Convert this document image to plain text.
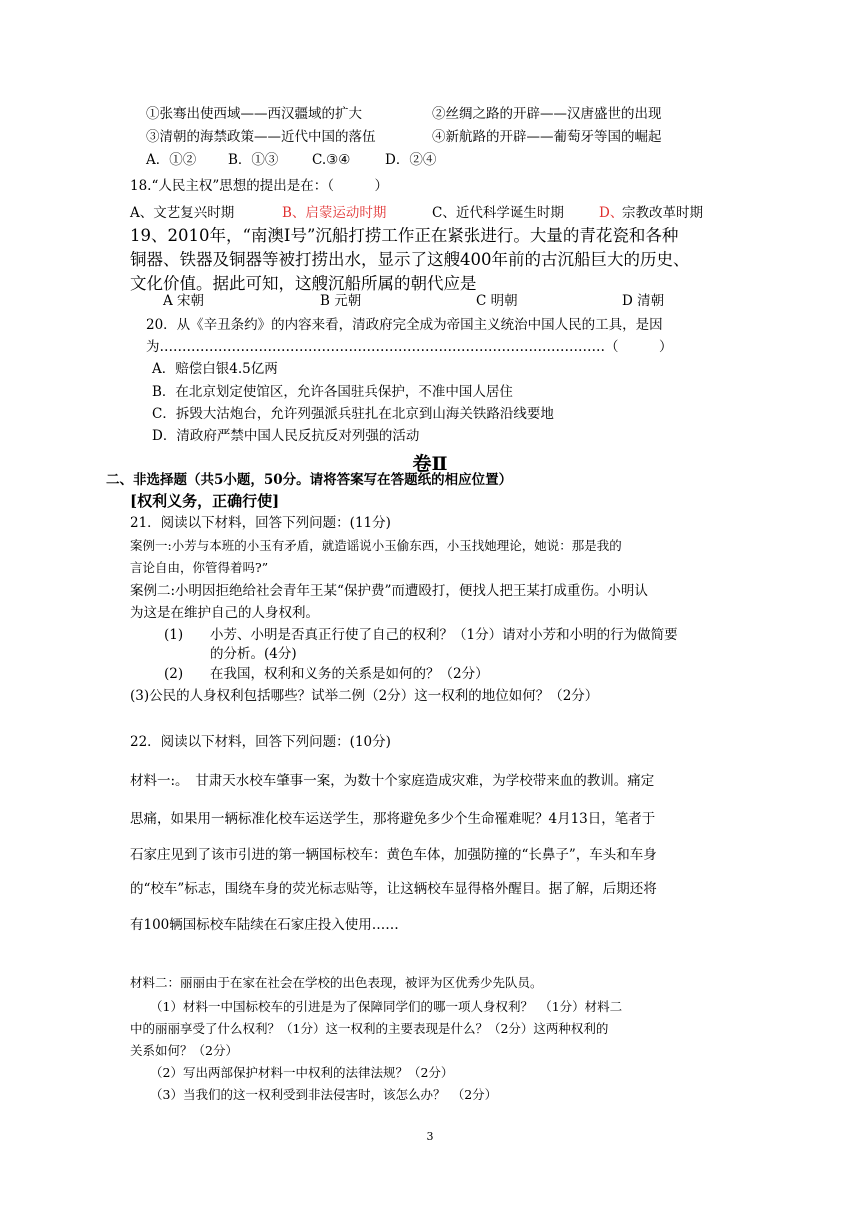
①张骞出使西域——西汉疆域的扩大	②丝绸之路的开辟——汉唐盛世的出现
③清朝的海禁政策——近代中国的落伍	④新航路的开辟——葡萄牙等国的崛起
A．①② B．①③ C.③④	D．②④
18.“人民主权”思想的提出是在：（　　　）
A、文艺复兴时期	B、启蒙运动时期	C、近代科学诞生时期	D、
宗教改革时期
19、2010年，“南澳Ⅰ号”沉船打捞工作正在紧张进行。大量的青花瓷和各种
铜器、铁器及铜器等被打捞出水，显示了这艘400年前的古沉船巨大的历史、
文化价值。据此可知，这艘沉船所属的朝代应是
A 宋朝	B 元朝	C 明朝	D 清朝
20．从《辛丑条约》的内容来看，清政府完全成为帝国主义统治中国人民的工具，是因
为………………………………………………………………………………………（　　　）
A．赔偿白银4.5亿两
B．在北京划定使馆区，允许各国驻兵保护，不准中国人居住
C．拆毁大沽炮台，允许列强派兵驻扎在北京到山海关铁路沿线要地
D．清政府严禁中国人民反抗反对列强的活动
卷Ⅱ
二、非选择题（共5小题，50分。请将答案写在答题纸的相应位置）
[权利义务，正确行使]
21．阅读以下材料，回答下列问题：(11分)
案例一:小芳与本班的小玉有矛盾，就造谣说小玉偷东西，小玉找她理论，她说：那是我的
言论自由，你管得着吗?”
案例二:小明因拒绝给社会青年王某“保护费”而遭殴打，便找人把王某打成重伤。小明认
为这是在维护自己的人身权利。
(1) 小芳、小明是否真正行使了自己的权利？（1分）请对小芳和小明的行为做简要
的分析。(4分)
(2) 在我国，权利和义务的关系是如何的？（2分）
(3)公民的人身权利包括哪些？试举二例（2分）这一权利的地位如何？（2分）
22．阅读以下材料，回答下列问题：(10分)
材料一:。　甘肃天水校车肇事一案，为数十个家庭造成灾难，为学校带来血的教训。痛定
思痛，如果用一辆标准化校车运送学生，那将避免多少个生命罹难呢？4月13日，笔者于
石家庄见到了该市引进的第一辆国标校车：黄色车体，加强防撞的“长鼻子”，车头和车身
的“校车”标志，围绕车身的荧光标志贴等，让这辆校车显得格外醒目。据了解，后期还将
有100辆国标校车陆续在石家庄投入使用……
材料二：丽丽由于在家在社会在学校的出色表现，被评为区优秀少先队员。
（1）材料一中国标校车的引进是为了保障同学们的哪一项人身权利？　（1分）材料二
中的丽丽享受了什么权利？（1分）这一权利的主要表现是什么？（2分）这两种权利的
关系如何？（2分）
（2）写出两部保护材料一中权利的法律法规？（2分）
（3）当我们的这一权利受到非法侵害时，该怎么办？　（2分）
3
